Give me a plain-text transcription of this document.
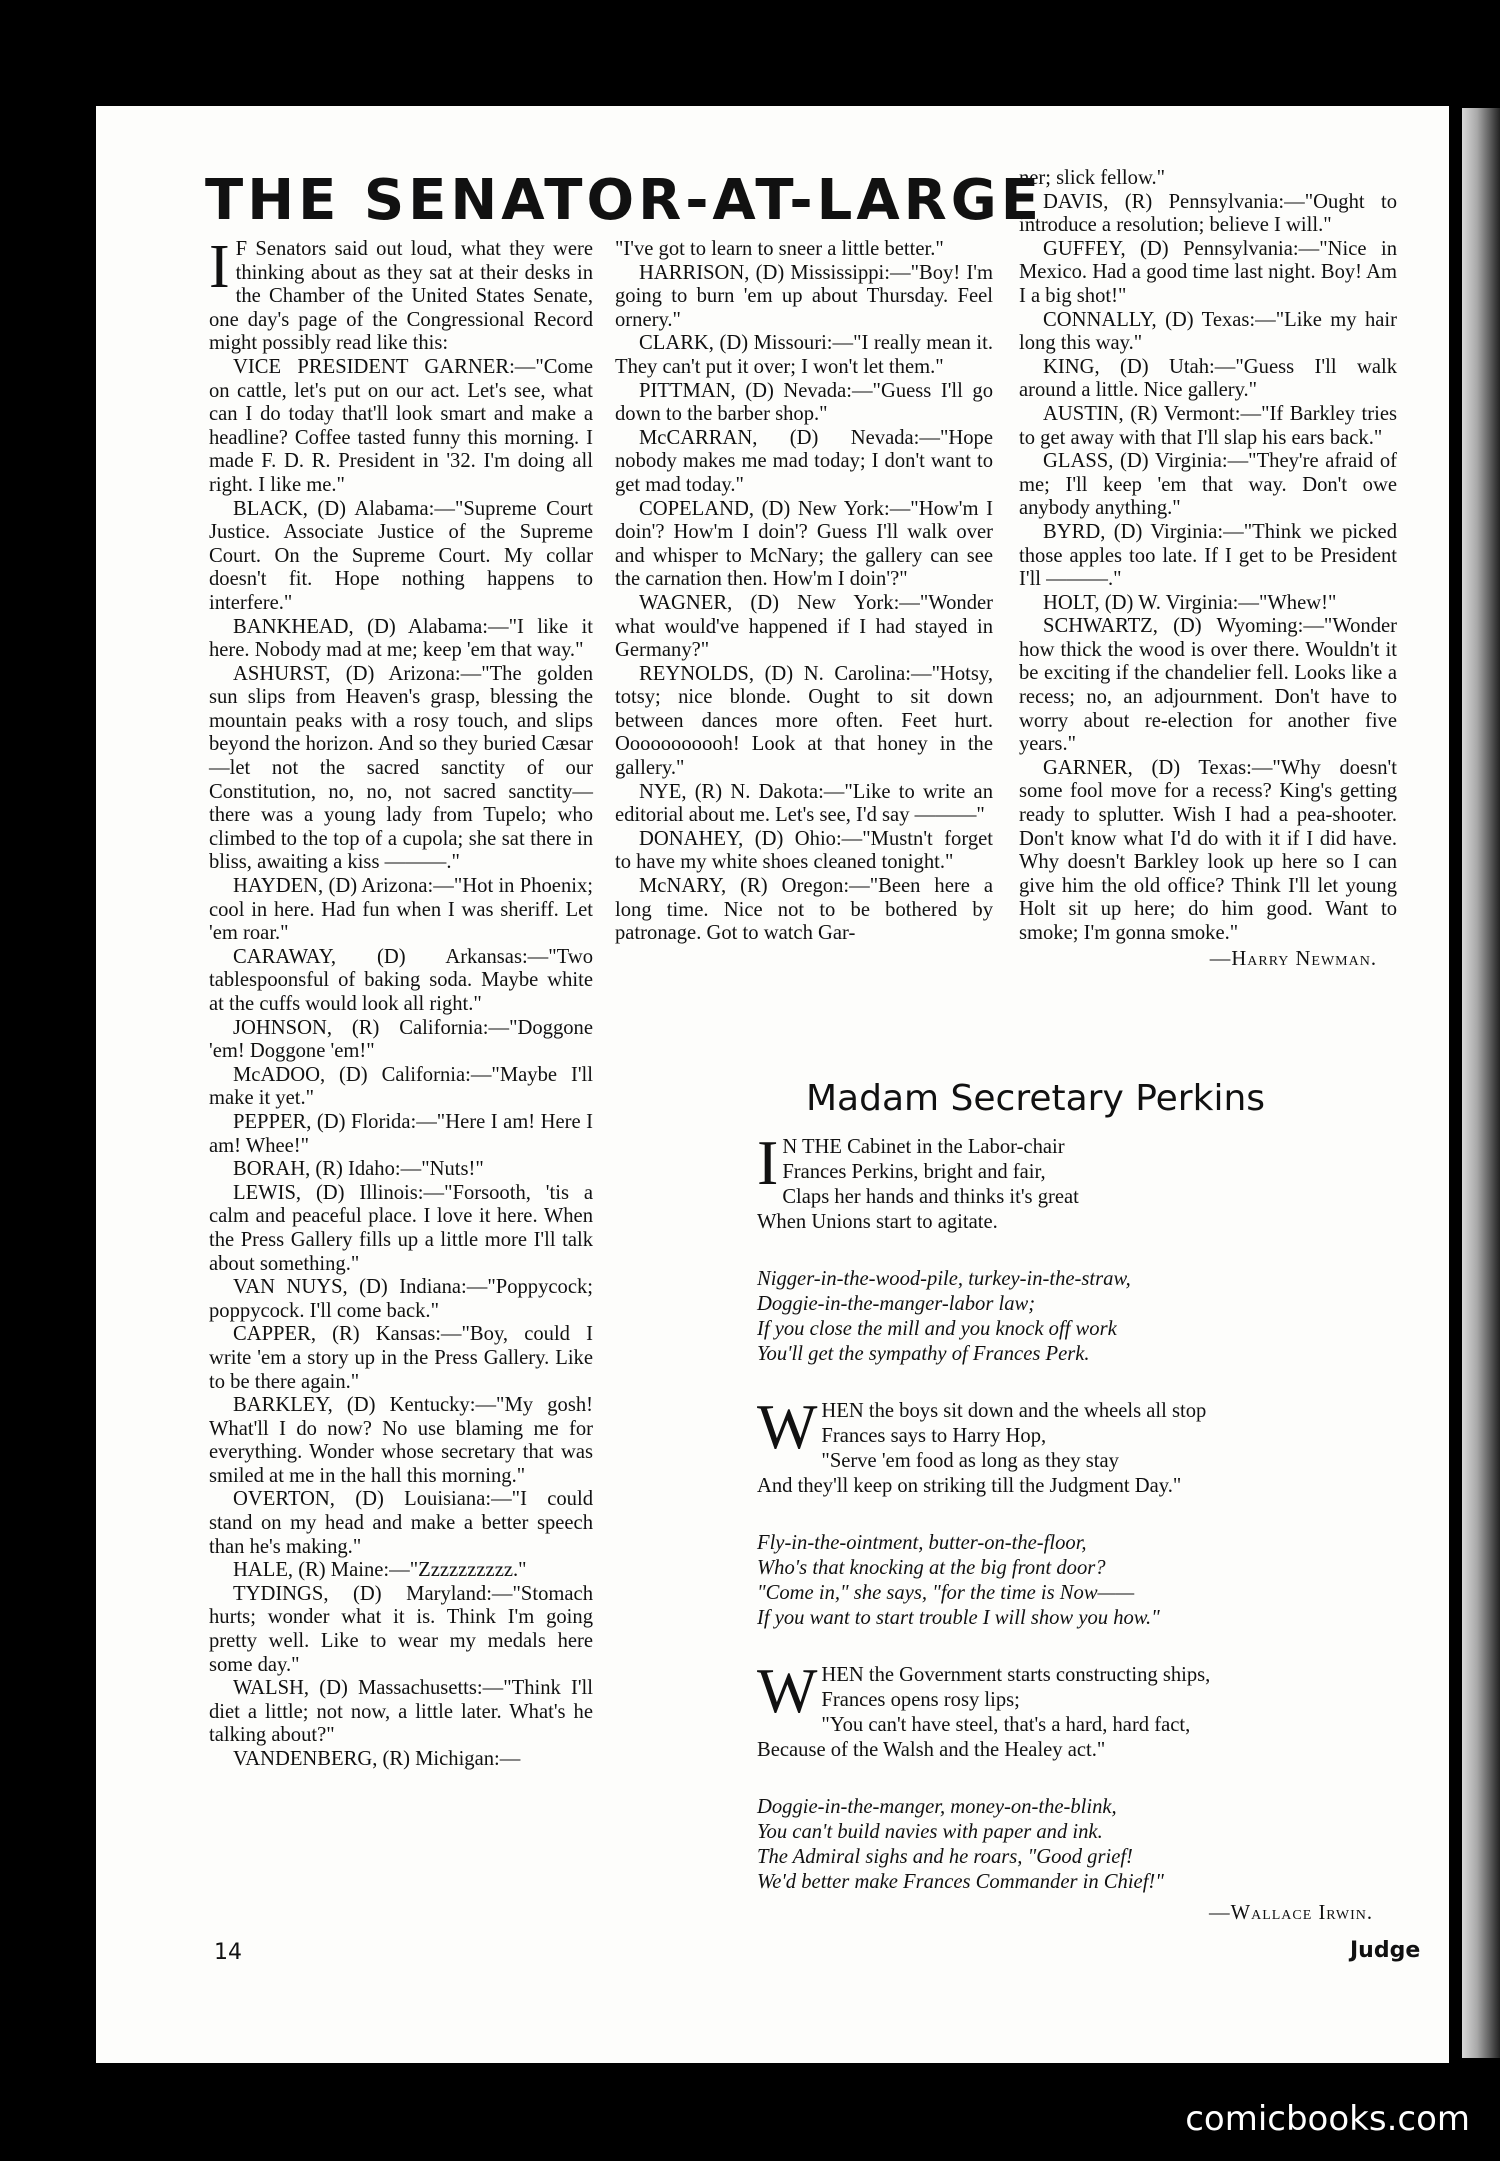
THE SENATOR-AT-LARGE

I F Senators said out loud, what they were thinking about as they sat at their desks in the Chamber of the United States Senate, one day's page of the Congressional Record might possibly read like this:

VICE PRESIDENT GARNER:—"Come on cattle, let's put on our act. Let's see, what can I do today that'll look smart and make a headline? Coffee tasted funny this morning. I made F. D. R. President in '32. I'm doing all right. I like me."

BLACK, (D) Alabama:—"Supreme Court Justice. Associate Justice of the Supreme Court. On the Supreme Court. My collar doesn't fit. Hope nothing happens to interfere."

BANKHEAD, (D) Alabama:—"I like it here. Nobody mad at me; keep 'em that way."

ASHURST, (D) Arizona:—"The golden sun slips from Heaven's grasp, blessing the mountain peaks with a rosy touch, and slips beyond the horizon. And so they buried Cæsar—let not the sacred sanctity of our Constitution, no, no, not sacred sanctity—there was a young lady from Tupelo; who climbed to the top of a cupola; she sat there in bliss, awaiting a kiss ———."

HAYDEN, (D) Arizona:—"Hot in Phoenix; cool in here. Had fun when I was sheriff. Let 'em roar."

CARAWAY, (D) Arkansas:—"Two tablespoonsful of baking soda. Maybe white at the cuffs would look all right."

JOHNSON, (R) California:—"Doggone 'em! Doggone 'em!"

McADOO, (D) California:—"Maybe I'll make it yet."

PEPPER, (D) Florida:—"Here I am! Here I am! Whee!"

BORAH, (R) Idaho:—"Nuts!"

LEWIS, (D) Illinois:—"Forsooth, 'tis a calm and peaceful place. I love it here. When the Press Gallery fills up a little more I'll talk about something."

VAN NUYS, (D) Indiana:—"Poppycock; poppycock. I'll come back."

CAPPER, (R) Kansas:—"Boy, could I write 'em a story up in the Press Gallery. Like to be there again."

BARKLEY, (D) Kentucky:—"My gosh! What'll I do now? No use blaming me for everything. Wonder whose secretary that was smiled at me in the hall this morning."

OVERTON, (D) Louisiana:—"I could stand on my head and make a better speech than he's making."

HALE, (R) Maine:—"Zzzzzzzzzz."

TYDINGS, (D) Maryland:—"Stomach hurts; wonder what it is. Think I'm going pretty well. Like to wear my medals here some day."

WALSH, (D) Massachusetts:—"Think I'll diet a little; not now, a little later. What's he talking about?"

VANDENBERG, (R) Michigan:—

"I've got to learn to sneer a little better."

HARRISON, (D) Mississippi:—"Boy! I'm going to burn 'em up about Thursday. Feel ornery."

CLARK, (D) Missouri:—"I really mean it. They can't put it over; I won't let them."

PITTMAN, (D) Nevada:—"Guess I'll go down to the barber shop."

McCARRAN, (D) Nevada:—"Hope nobody makes me mad today; I don't want to get mad today."

COPELAND, (D) New York:—"How'm I doin'? How'm I doin'? Guess I'll walk over and whisper to McNary; the gallery can see the carnation then. How'm I doin'?"

WAGNER, (D) New York:—"Wonder what would've happened if I had stayed in Germany?"

REYNOLDS, (D) N. Carolina:—"Hotsy, totsy; nice blonde. Ought to sit down between dances more often. Feet hurt. Ooooooooooh! Look at that honey in the gallery."

NYE, (R) N. Dakota:—"Like to write an editorial about me. Let's see, I'd say ———"

DONAHEY, (D) Ohio:—"Mustn't forget to have my white shoes cleaned tonight."

McNARY, (R) Oregon:—"Been here a long time. Nice not to be bothered by patronage. Got to watch Gar-

ner; slick fellow."

DAVIS, (R) Pennsylvania:—"Ought to introduce a resolution; believe I will."

GUFFEY, (D) Pennsylvania:—"Nice in Mexico. Had a good time last night. Boy! Am I a big shot!"

CONNALLY, (D) Texas:—"Like my hair long this way."

KING, (D) Utah:—"Guess I'll walk around a little. Nice gallery."

AUSTIN, (R) Vermont:—"If Barkley tries to get away with that I'll slap his ears back."

GLASS, (D) Virginia:—"They're afraid of me; I'll keep 'em that way. Don't owe anybody anything."

BYRD, (D) Virginia:—"Think we picked those apples too late. If I get to be President I'll ———."

HOLT, (D) W. Virginia:—"Whew!"

SCHWARTZ, (D) Wyoming:—"Wonder how thick the wood is over there. Wouldn't it be exciting if the chandelier fell. Looks like a recess; no, an adjournment. Don't have to worry about re-election for another five years."

GARNER, (D) Texas:—"Why doesn't some fool move for a recess? King's getting ready to splutter. Wish I had a pea-shooter. Don't know what I'd do with it if I did have. Why doesn't Barkley look up here so I can give him the old office? Think I'll let young Holt sit up here; do him good. Want to smoke; I'm gonna smoke."

—Harry Newman.
Madam Secretary Perkins
I N THE Cabinet in the Labor-chair
Frances Perkins, bright and fair,
Claps her hands and thinks it's great
When Unions start to agitate.
Nigger-in-the-wood-pile, turkey-in-the-straw,
Doggie-in-the-manger-labor law;
If you close the mill and you knock off work
You'll get the sympathy of Frances Perk.
W HEN the boys sit down and the wheels all stop
Frances says to Harry Hop,
"Serve 'em food as long as they stay
And they'll keep on striking till the Judgment Day."
Fly-in-the-ointment, butter-on-the-floor,
Who's that knocking at the big front door?
"Come in," she says, "for the time is Now——
If you want to start trouble I will show you how."
W HEN the Government starts constructing ships,
Frances opens rosy lips;
"You can't have steel, that's a hard, hard fact,
Because of the Walsh and the Healey act."
Doggie-in-the-manger, money-on-the-blink,
You can't build navies with paper and ink.
The Admiral sighs and he roars, "Good grief!
We'd better make Frances Commander in Chief!"
—Wallace Irwin.
14	Judge
comicbooks.com
